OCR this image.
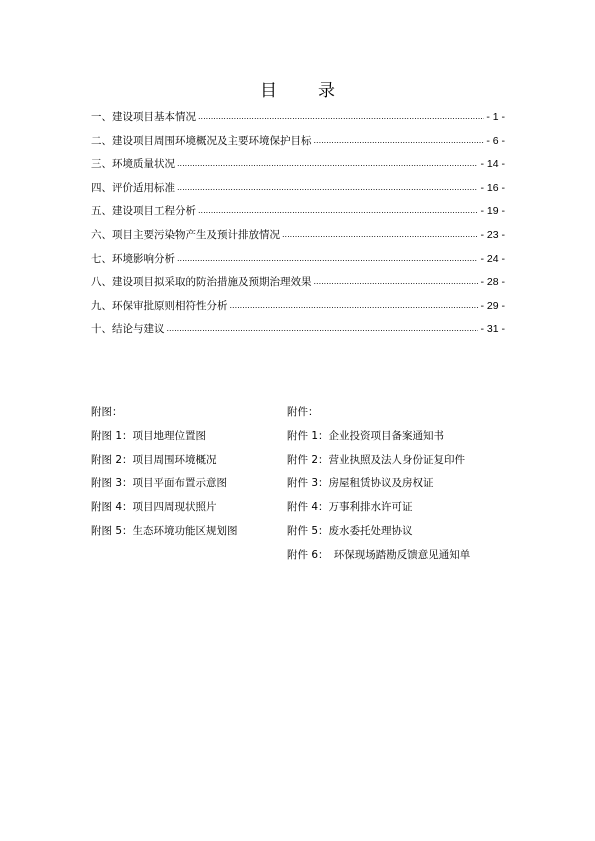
目　录
一、建设项目基本情况 .....	- 1 -
二、建设项目周围环境概况及主要环境保护目标 .....	- 6 -
三、环境质量状况 .....	- 14 -
四、评价适用标准 .....	- 16 -
五、建设项目工程分析 .....	- 19 -
六、项目主要污染物产生及预计排放情况 .....	- 23 -
七、环境影响分析 .....	- 24 -
八、建设项目拟采取的防治措施及预期治理效果 .....	- 28 -
九、环保审批原则相符性分析 .....	- 29 -
十、结论与建议 .....	- 31 -
附图：
附图 1：项目地理位置图
附图 2：项目周围环境概况
附图 3：项目平面布置示意图
附图 4：项目四周现状照片
附图 5：生态环境功能区规划图
附件：
附件 1：企业投资项目备案通知书
附件 2：营业执照及法人身份证复印件
附件 3：房屋租赁协议及房权证
附件 4：万事利排水许可证
附件 5：废水委托处理协议
附件 6：　环保现场踏勘反馈意见通知单
